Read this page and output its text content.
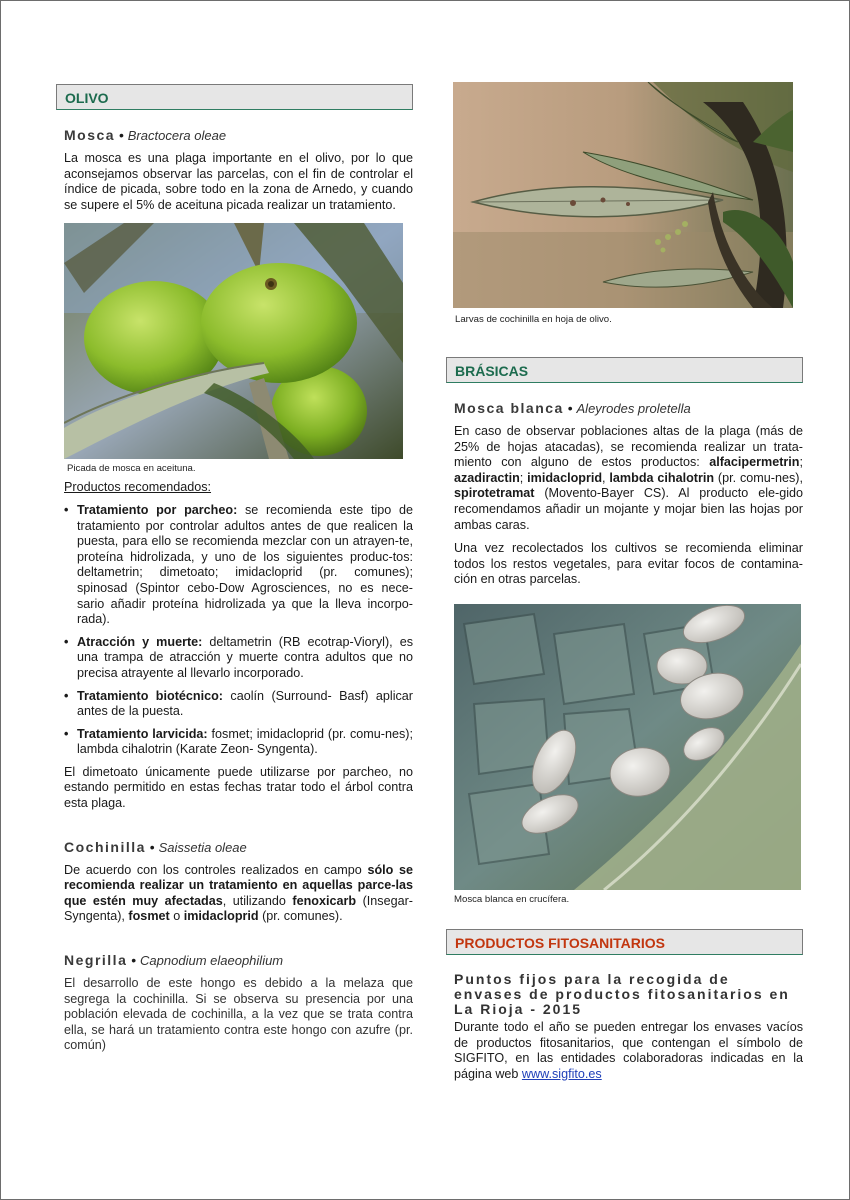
OLIVO
Mosca • Bractocera oleae

La mosca es una plaga importante en el olivo, por lo que aconsejamos observar las parcelas, con el fin de controlar el índice de picada, sobre todo en la zona de Arnedo, y cuando se supere el 5% de aceituna picada realizar un tratamiento.

Picada de mosca en aceituna.

Productos recomendados:

• Tratamiento por parcheo: se recomienda este tipo de tratamiento por controlar adultos antes de que realicen la puesta, para ello se recomienda mezclar con un atrayen-te, proteína hidrolizada, y uno de los siguientes produc-tos: deltametrin; dimetoato; imidacloprid (pr. comunes); spinosad (Spintor cebo-Dow Agrosciences, no es nece-sario añadir proteína hidrolizada ya que la lleva incorpo-rada).
• Atracción y muerte: deltametrin (RB ecotrap-Vioryl), es una trampa de atracción y muerte contra adultos que no precisa atrayente al llevarlo incorporado.
• Tratamiento biotécnico: caolín (Surround- Basf) aplicar antes de la puesta.
• Tratamiento larvicida: fosmet; imidacloprid (pr. comu-nes); lambda cihalotrin (Karate Zeon- Syngenta).

El dimetoato únicamente puede utilizarse por parcheo, no estando permitido en estas fechas tratar todo el árbol contra esta plaga.

Cochinilla • Saissetia oleae

De acuerdo con los controles realizados en campo sólo se recomienda realizar un tratamiento en aquellas parce-las que estén muy afectadas, utilizando fenoxicarb (Insegar-Syngenta), fosmet o imidacloprid (pr. comunes).

Negrilla • Capnodium elaeophilium

El desarrollo de este hongo es debido a la melaza que segrega la cochinilla. Si se observa su presencia por una población elevada de cochinilla, a la vez que se trata contra ella, se hará un tratamiento contra este hongo con azufre (pr. común)

Larvas de cochinilla en hoja de olivo.
BRÁSICAS
Mosca blanca • Aleyrodes proletella

En caso de observar poblaciones altas de la plaga (más de 25% de hojas atacadas), se recomienda realizar un trata-miento con alguno de estos productos: alfacipermetrin; azadiractin; imidacloprid, lambda cihalotrin (pr. comu-nes), spirotetramat (Movento-Bayer CS). Al producto ele-gido recomendamos añadir un mojante y mojar bien las hojas por ambas caras.

Una vez recolectados los cultivos se recomienda eliminar todos los restos vegetales, para evitar focos de contamina-ción en otras parcelas.

Mosca blanca en crucífera.
PRODUCTOS FITOSANITARIOS

Puntos fijos para la recogida de envases de productos fitosanitarios en La Rioja - 2015

Durante todo el año se pueden entregar los envases vacíos de productos fitosanitarios, que contengan el símbolo de SIGFITO, en las entidades colaboradoras indicadas en la página web www.sigfito.es
